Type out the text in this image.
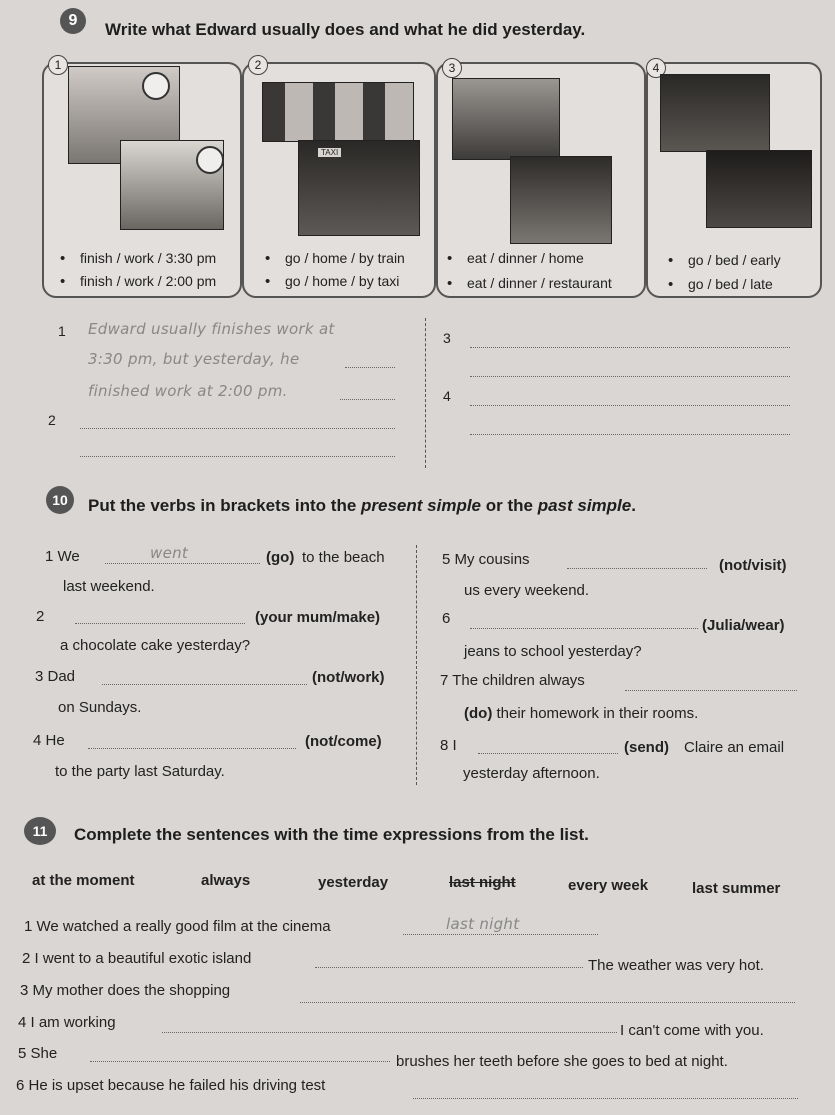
9	Write what Edward usually does and what he did yesterday.
1
• finish / work / 3:30 pm
• finish / work / 2:00 pm
2
TAXI
• go / home / by train
• go / home / by taxi
3
• eat / dinner / home
• eat / dinner / restaurant
4
• go / bed / early
• go / bed / late
1 Edward usually finishes work at
3:30 pm, but yesterday, he
finished work at 2:00 pm.
2
3
4
10	Put the verbs in brackets into the present simple or the past simple.
1 We	went	(go) to the beach
last weekend.
2	(your mum/make)
a chocolate cake yesterday?
3 Dad	(not/work)
on Sundays.
4 He	(not/come)
to the party last Saturday.
5 My cousins	(not/visit)
us every weekend.
6	(Julia/wear)
jeans to school yesterday?
7 The children always
(do) their homework in their rooms.
8 I	(send) Claire an email
yesterday afternoon.
11	Complete the sentences with the time expressions from the list.
at the moment	always	yesterday	last night	every week	last summer
1 We watched a really good film at the cinema	last night
2 I went to a beautiful exotic island	The weather was very hot.
3 My mother does the shopping
4 I am working	I can't come with you.
5 She	brushes her teeth before she goes to bed at night.
6 He is upset because he failed his driving test
